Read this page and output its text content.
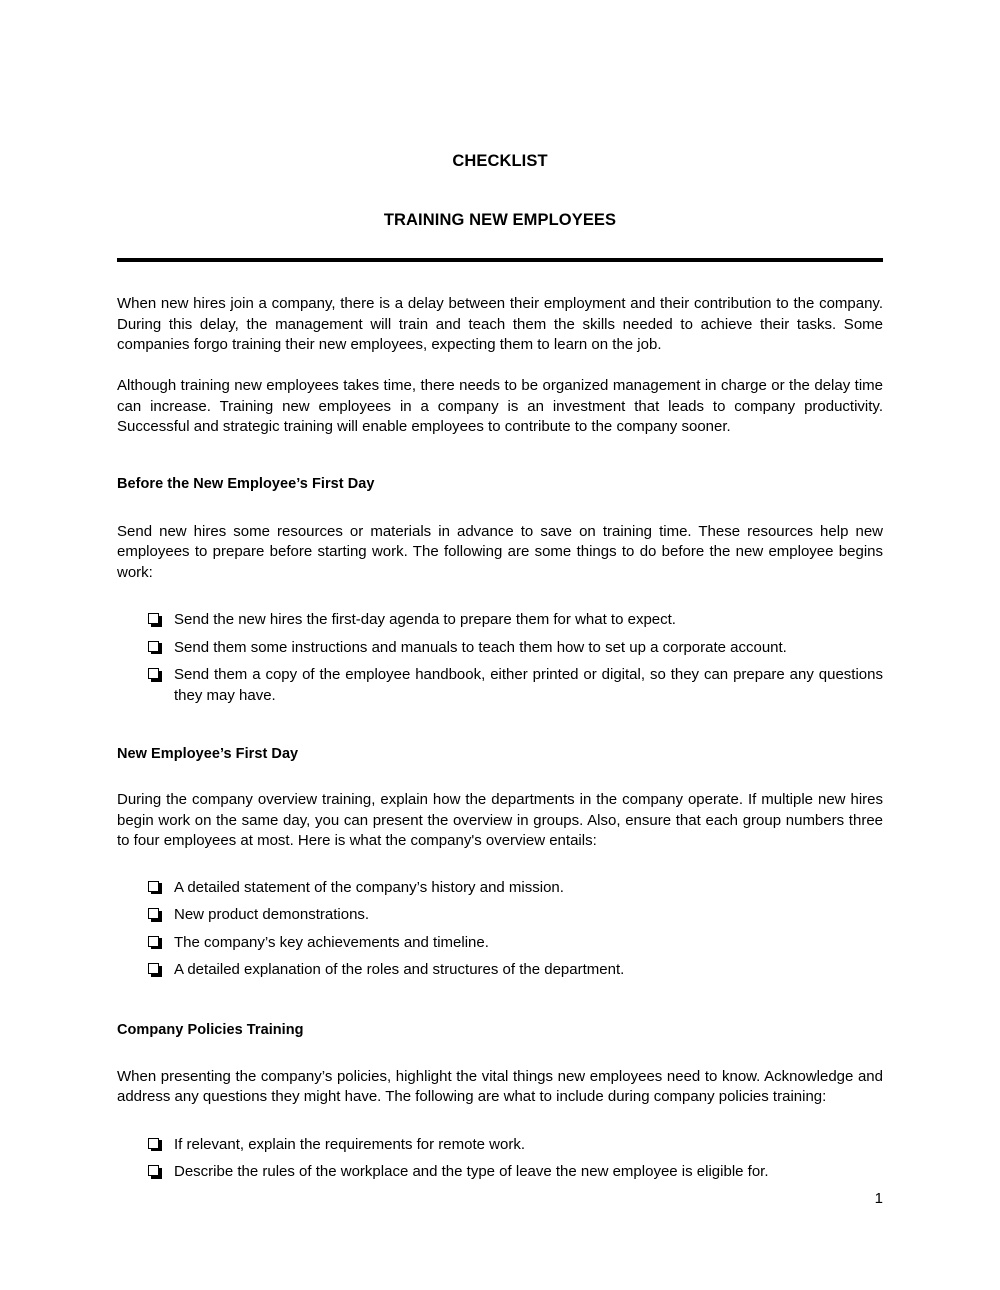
CHECKLIST
TRAINING NEW EMPLOYEES

When new hires join a company, there is a delay between their employment and their contribution to the company. During this delay, the management will train and teach them the skills needed to achieve their tasks. Some companies forgo training their new employees, expecting them to learn on the job.

Although training new employees takes time, there needs to be organized management in charge or the delay time can increase. Training new employees in a company is an investment that leads to company productivity. Successful and strategic training will enable employees to contribute to the company sooner.

Before the New Employee’s First Day

Send new hires some resources or materials in advance to save on training time. These resources help new employees to prepare before starting work. The following are some things to do before the new employee begins work:

Send the new hires the first-day agenda to prepare them for what to expect.
Send them some instructions and manuals to teach them how to set up a corporate account.
Send them a copy of the employee handbook, either printed or digital, so they can prepare any questions they may have.
New Employee’s First Day

During the company overview training, explain how the departments in the company operate. If multiple new hires begin work on the same day, you can present the overview in groups. Also, ensure that each group numbers three to four employees at most. Here is what the company's overview entails:

A detailed statement of the company’s history and mission.
New product demonstrations.
The company’s key achievements and timeline.
A detailed explanation of the roles and structures of the department.
Company Policies Training

When presenting the company’s policies, highlight the vital things new employees need to know. Acknowledge and address any questions they might have. The following are what to include during company policies training:

If relevant, explain the requirements for remote work.
Describe the rules of the workplace and the type of leave the new employee is eligible for.
1
